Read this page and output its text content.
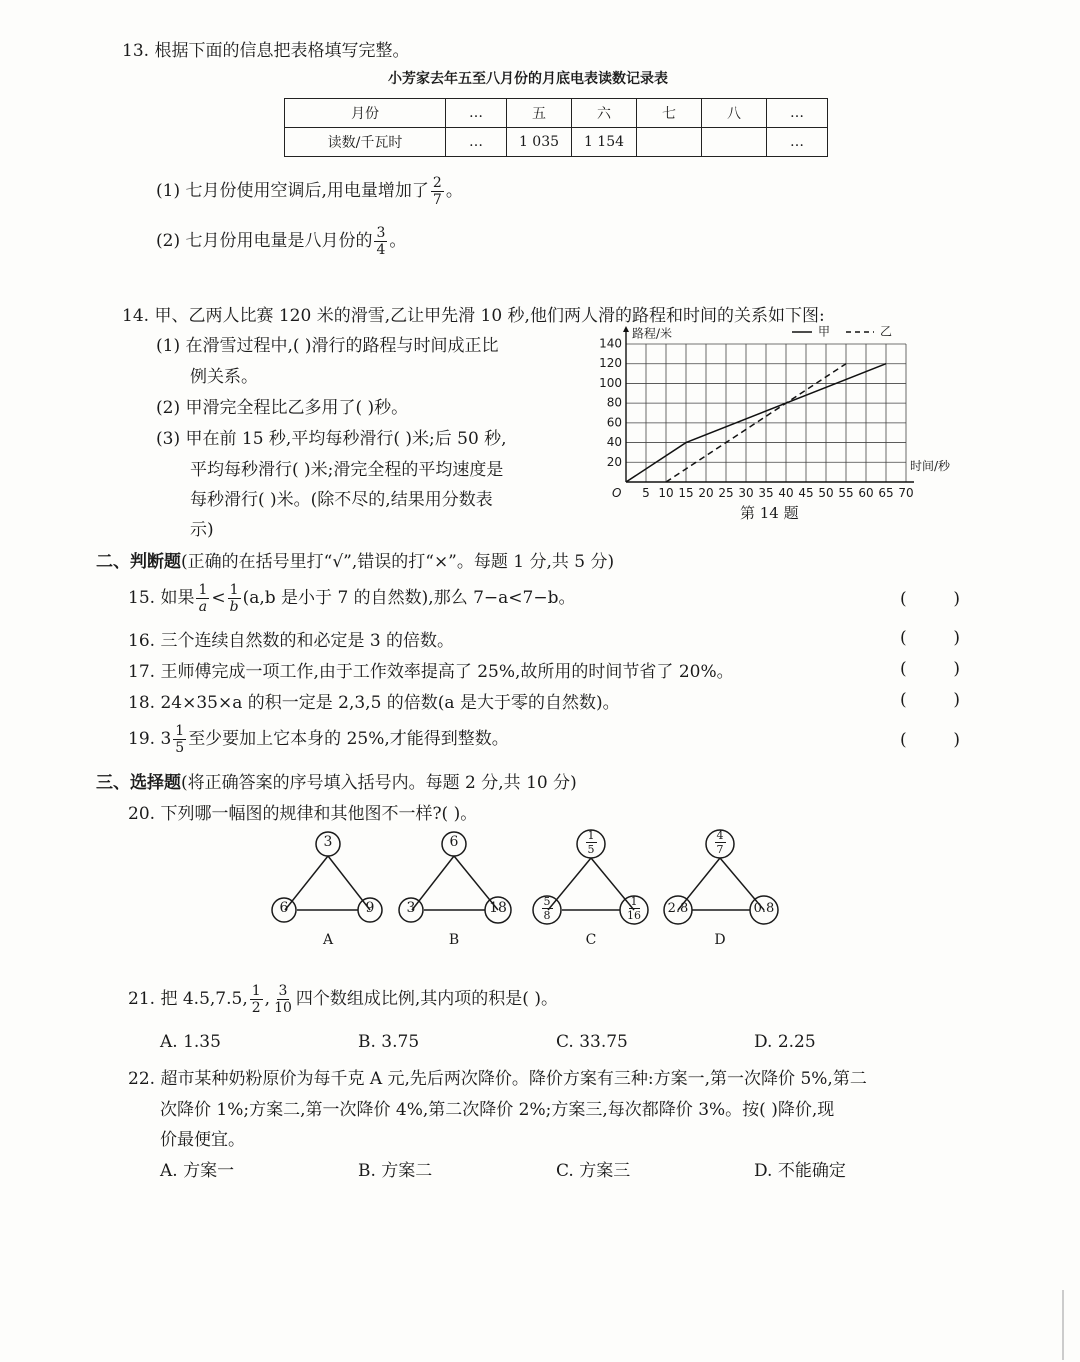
13. 根据下面的信息把表格填写完整。
小芳家去年五至八月份的月底电表读数记录表
月份	…	五	六	七	八	…
读数/千瓦时	…	1 035	1 154			…
(1) 七月份使用空调后,用电量增加了 $\frac{2}{7}$ 。
(2) 七月份用电量是八月份的 $\frac{3}{4}$ 。
14. 甲、乙两人比赛 120 米的滑雪,乙让甲先滑 10 秒,他们两人滑的路程和时间的关系如下图:
(1) 在滑雪过程中,( )滑行的路程与时间成正比
例关系。
(2) 甲滑完全程比乙多用了( )秒。
(3) 甲在前 15 秒,平均每秒滑行( )米;后 50 秒,
平均每秒滑行( )米;滑完全程的平均速度是
每秒滑行( )米。(除不尽的,结果用分数表
示)
5 10 15 20 25 30 35 40 45 50 55 60 65 70
20
40
60
80
100
120
140
甲	乙
路程/米
时间/秒
O
第 14 题
二、判断题(正确的在括号里打“√”,错误的打“×”。每题 1 分,共 5 分)
15. 如果 $\frac{1}{a} < \frac{1}{b} (a,b$ 是小于 7 的自然数),那么 7−a<7−b。	(	)
16. 三个连续自然数的和必定是 3 的倍数。	(	)
17. 王师傅完成一项工作,由于工作效率提高了 25%,故所用的时间节省了 20%。	(	)
18. 24×35×a 的积一定是 2,3,5 的倍数(a 是大于零的自然数)。	(	)
19. $3 \frac{1}{5}$ 至少要加上它本身的 25%,才能得到整数。	(	)
三、选择题(将正确答案的序号填入括号内。每题 2 分,共 10 分)
20. 下列哪一幅图的规律和其他图不一样?( )。
3
6	9
A
6
3	18
B
$\frac{1}{5}$
$\frac{5}{8}$	$\frac{1}{16}$
C
$\frac{4}{7}$
2.8	0.8
D
21. 把 4.5,7.5, $\frac{1}{2}$ , $\frac{3}{10}$ 四个数组成比例,其内项的积是( )。
A. 1.35	B. 3.75	C. 33.75	D. 2.25
22. 超市某种奶粉原价为每千克 A 元,先后两次降价。降价方案有三种:方案一,第一次降价 5%,第二
次降价 1%;方案二,第一次降价 4%,第二次降价 2%;方案三,每次都降价 3%。按( )降价,现
价最便宜。
A. 方案一	B. 方案二	C. 方案三	D. 不能确定
